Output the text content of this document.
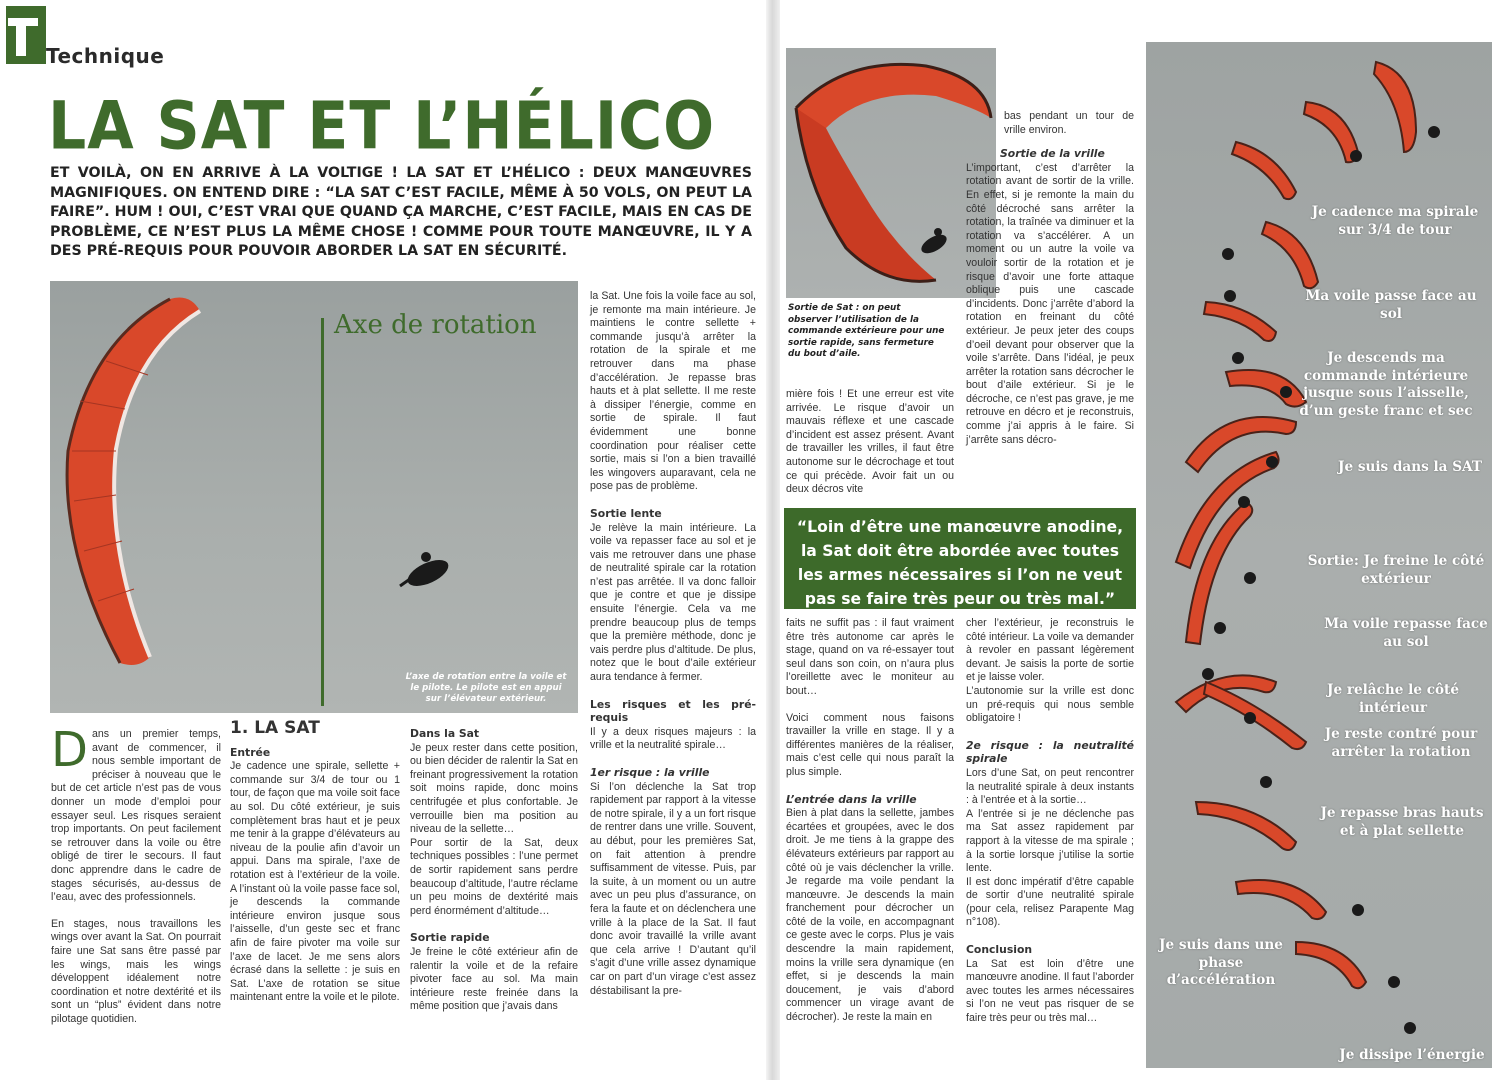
Technique
LA SAT ET L’HÉLICO
ET VOILÀ, ON EN ARRIVE À LA VOLTIGE ! LA SAT ET L’HÉLICO : DEUX MANŒUVRES MAGNIFIQUES. ON ENTEND DIRE : “LA SAT C’EST FACILE, MÊME À 50 VOLS, ON PEUT LA FAIRE”. HUM ! OUI, C’EST VRAI QUE QUAND ÇA MARCHE, C’EST FACILE, MAIS EN CAS DE PROBLÈME, CE N’EST PLUS LA MÊME CHOSE ! COMME POUR TOUTE MANŒUVRE, IL Y A DES PRÉ-REQUIS POUR POUVOIR ABORDER LA SAT EN SÉCURITÉ.
Axe de rotation
L’axe de rotation entre la voile et le pilote. Le pilote est en appui sur l’élévateur extérieur.

Dans un premier temps, avant de commencer, il nous semble important de préciser à nouveau que le but de cet article n’est pas de vous donner un mode d’emploi pour essayer seul. Les risques seraient trop importants. On peut facilement se retrouver dans la voile ou être obligé de tirer le secours. Il faut donc apprendre dans le cadre de stages sécurisés, au-dessus de l’eau, avec des professionnels.

En stages, nous travaillons les wings over avant la Sat. On pourrait faire une Sat sans être passé par les wings, mais les wings développent idéalement notre coordination et notre dextérité et ils sont un “plus” évident dans notre pilotage quotidien.

1. LA SAT
Entrée

Je cadence une spirale, sellette + commande sur 3/4 de tour ou 1 tour, de façon que ma voile soit face au sol. Du côté extérieur, je suis complètement bras haut et je peux me tenir à la grappe d’élévateurs au niveau de la poulie afin d’avoir un appui. Dans ma spirale, l’axe de rotation est à l’extérieur de la voile. A l’instant où la voile passe face sol, je descends la commande intérieure environ jusque sous l’aisselle, d’un geste sec et franc afin de faire pivoter ma voile sur l’axe de lacet. Je me sens alors écrasé dans la sellette : je suis en Sat. L’axe de rotation se situe maintenant entre la voile et le pilote.

Dans la Sat

Je peux rester dans cette position, ou bien décider de ralentir la Sat en freinant progressivement la rotation soit moins rapide, donc moins centrifugée et plus confortable. Je verrouille bien ma position au niveau de la sellette…

Pour sortir de la Sat, deux techniques possibles : l’une permet de sortir rapidement sans perdre beaucoup d’altitude, l’autre réclame un peu moins de dextérité mais perd énormément d’altitude…

Sortie rapide

Je freine le côté extérieur afin de ralentir la voile et de la refaire pivoter face au sol. Ma main intérieure reste freinée dans la même position que j’avais dans

la Sat. Une fois la voile face au sol, je remonte ma main intérieure. Je maintiens le contre sellette + commande jusqu’à arrêter la rotation de la spirale et me retrouver dans ma phase d’accélération. Je repasse bras hauts et à plat sellette. Il me reste à dissiper l’énergie, comme en sortie de spirale. Il faut évidemment une bonne coordination pour réaliser cette sortie, mais si l’on a bien travaillé les wingovers auparavant, cela ne pose pas de problème.

Sortie lente

Je relève la main intérieure. La voile va repasser face au sol et je vais me retrouver dans une phase de neutralité spirale car la rotation n’est pas arrêtée. Il va donc falloir que je contre et que je dissipe ensuite l’énergie. Cela va me prendre beaucoup plus de temps que la première méthode, donc je vais perdre plus d’altitude. De plus, notez que le bout d’aile extérieur aura tendance à fermer.

Les risques et les pré-requis

Il y a deux risques majeurs : la vrille et la neutralité spirale…

1er risque : la vrille

Si l’on déclenche la Sat trop rapidement par rapport à la vitesse de notre spirale, il y a un fort risque de rentrer dans une vrille. Souvent, au début, pour les premières Sat, on fait attention à prendre suffisamment de vitesse. Puis, par la suite, à un moment ou un autre avec un peu plus d’assurance, on fera la faute et on déclenchera une vrille à la place de la Sat. Il faut donc avoir travaillé la vrille avant que cela arrive ! D’autant qu’il s’agit d’une vrille assez dynamique car on part d’un virage c’est assez déstabilisant la pre-

Sortie de Sat : on peut observer l’utilisation de la commande extérieure pour une sortie rapide, sans fermeture du bout d’aile.

mière fois ! Et une erreur est vite arrivée. Le risque d’avoir un mauvais réflexe et une cascade d’incident est assez présent. Avant de travailler les vrilles, il faut être autonome sur le décrochage et tout ce qui précède. Avoir fait un ou deux décros vite

faits ne suffit pas : il faut vraiment être très autonome car après le stage, quand on va ré-essayer tout seul dans son coin, on n’aura plus l’oreillette avec le moniteur au bout…

Voici comment nous faisons travailler la vrille en stage. Il y a différentes manières de la réaliser, mais c’est celle qui nous paraît la plus simple.

L’entrée dans la vrille

Bien à plat dans la sellette, jambes écartées et groupées, avec le dos droit. Je me tiens à la grappe des élévateurs extérieurs par rapport au côté où je vais déclencher la vrille. Je regarde ma voile pendant la manœuvre. Je descends la main franchement pour décrocher un côté de la voile, en accompagnant ce geste avec le corps. Plus je vais descendre la main rapidement, moins la vrille sera dynamique (en effet, si je descends la main doucement, je vais d’abord commencer un virage avant de décrocher). Je reste la main en

bas pendant un tour de vrille environ.

Sortie de la vrille

L’important, c’est d’arrêter la rotation avant de sortir de la vrille. En effet, si je remonte la main du côté décroché sans arrêter la rotation, la traînée va diminuer et la rotation va s’accélérer. A un moment ou un autre la voile va vouloir sortir de la rotation et je risque d’avoir une forte attaque oblique puis une cascade d’incidents. Donc j’arrête d’abord la rotation en freinant du côté extérieur. Je peux jeter des coups d’oeil devant pour observer que la voile s’arrête. Dans l’idéal, je peux arrêter la rotation sans décrocher le bout d’aile extérieur. Si je le décroche, ce n’est pas grave, je me retrouve en décro et je reconstruis, comme j’ai appris à le faire. Si j’arrête sans décro-

cher l’extérieur, je reconstruis le côté intérieur. La voile va demander à revoler en passant légèrement devant. Je saisis la porte de sortie et je laisse voler.

L’autonomie sur la vrille est donc un pré-requis qui nous semble obligatoire !

2e risque : la neutralité spirale

Lors d’une Sat, on peut rencontrer la neutralité spirale à deux instants : à l’entrée et à la sortie…

A l’entrée si je ne déclenche pas ma Sat assez rapidement par rapport à la vitesse de ma spirale ; à la sortie lorsque j’utilise la sortie lente.

Il est donc impératif d’être capable de sortir d’une neutralité spirale (pour cela, relisez Parapente Mag n°108).

Conclusion

La Sat est loin d’être une manœuvre anodine. Il faut l’aborder avec toutes les armes nécessaires si l’on ne veut pas risquer de se faire très peur ou très mal…

“Loin d’être une manœuvre anodine, la Sat doit être abordée avec toutes les armes nécessaires si l’on ne veut pas se faire très peur ou très mal.”
Je cadence ma spirale sur 3/4 de tour
Ma voile passe face au sol
Je descends ma commande intérieure jusque sous l’aisselle, d’un geste franc et sec
Je suis dans la SAT
Sortie: Je freine le côté extérieur
Ma voile repasse face au sol
Je relâche le côté intérieur
Je reste contré pour arrêter la rotation
Je repasse bras hauts et à plat sellette
Je suis dans une phase d’accélération
Je dissipe l’énergie
